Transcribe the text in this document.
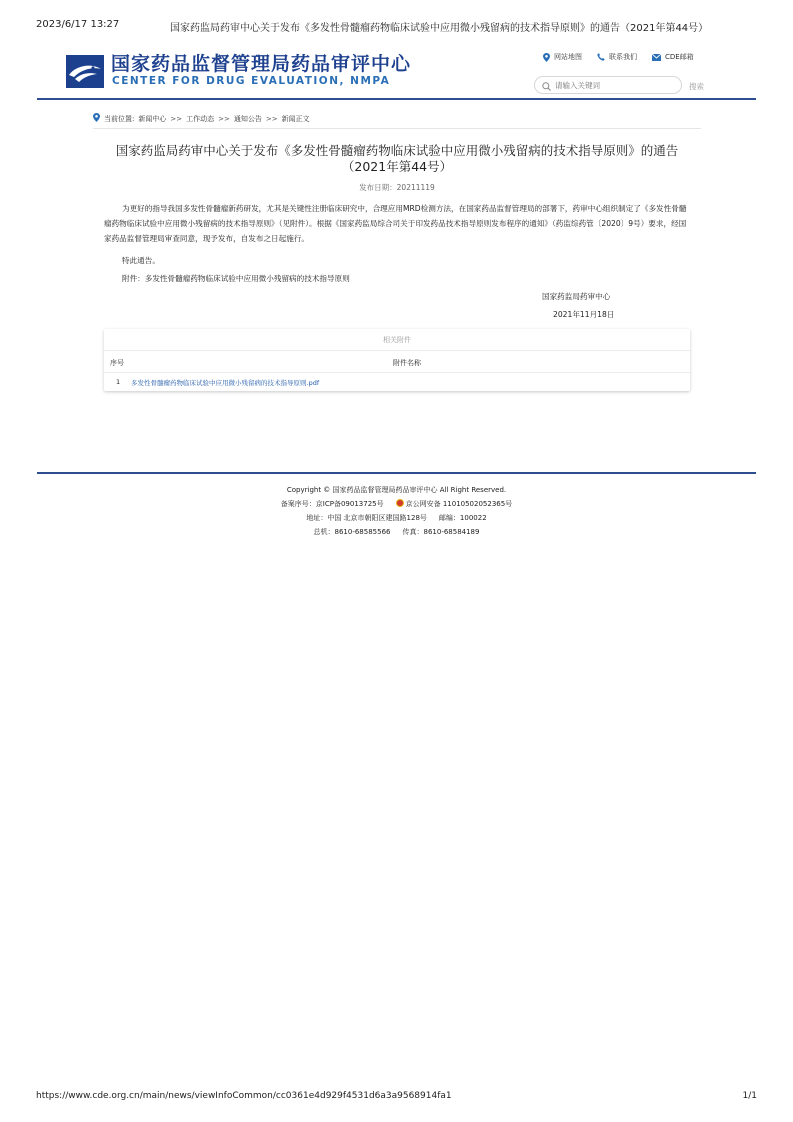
2023/6/17 13:27	国家药监局药审中心关于发布《多发性骨髓瘤药物临床试验中应用微小残留病的技术指导原则》的通告（2021年第44号）
国家药品监督管理局药品审评中心
CENTER FOR DRUG EVALUATION, NMPA
网站地图	联系我们	CDE邮箱
请输入关键词
搜索
当前位置: 新闻中心 >> 工作动态 >> 通知公告 >> 新闻正文
国家药监局药审中心关于发布《多发性骨髓瘤药物临床试验中应用微小残留病的技术指导原则》的通告（2021年第44号）
发布日期：20211119
为更好的指导我国多发性骨髓瘤新药研发，尤其是关键性注册临床研究中，合理应用MRD检测方法，在国家药品监督管理局的部署下，药审中心组织制定了《多发性骨髓瘤药物临床试验中应用微小残留病的技术指导原则》（见附件）。根据《国家药监局综合司关于印发药品技术指导原则发布程序的通知》（药监综药管〔2020〕9号）要求，经国家药品监督管理局审查同意，现予发布，自发布之日起施行。
特此通告。
附件：多发性骨髓瘤药物临床试验中应用微小残留病的技术指导原则
国家药监局药审中心
2021年11月18日
相关附件
序号	附件名称
1 多发性骨髓瘤药物临床试验中应用微小残留病的技术指导原则.pdf
Copyright © 国家药品监督管理局药品审评中心 All Right Reserved.
备案序号：京ICP备09013725号	京公网安备 11010502052365号
地址：中国 北京市朝阳区建国路128号 邮编：100022
总机：8610-68585566 传真：8610-68584189
https://www.cde.org.cn/main/news/viewInfoCommon/cc0361e4d929f4531d6a3a9568914fa1	1/1
